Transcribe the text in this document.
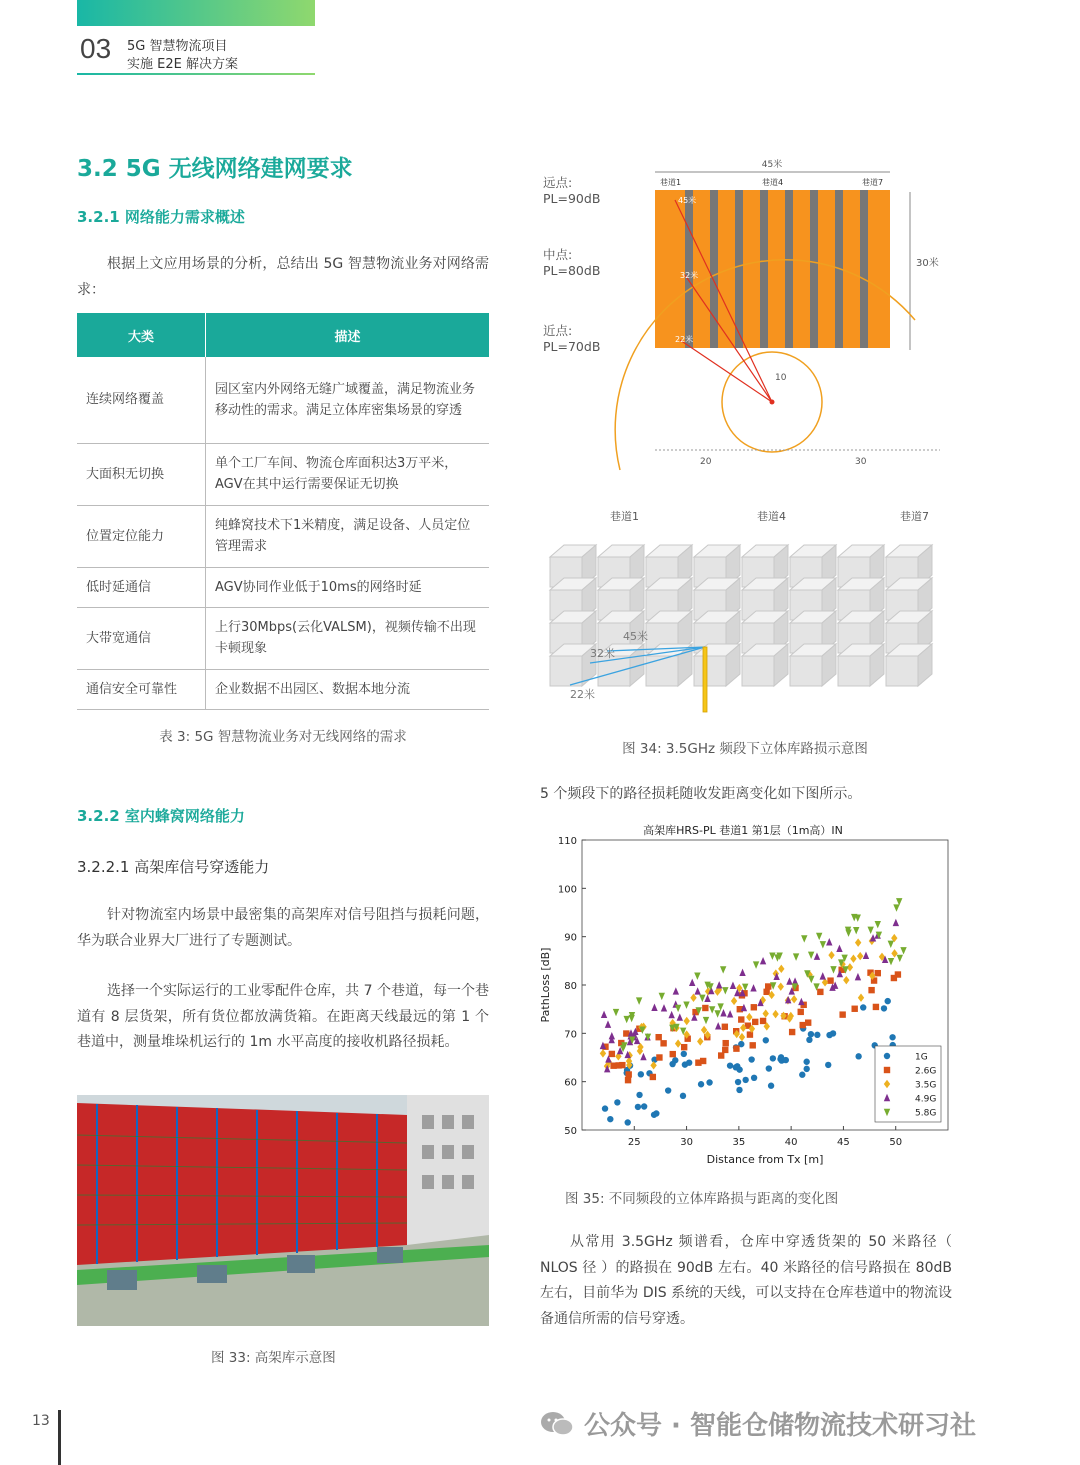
03 5G 智慧物流项目
实施 E2E 解决方案
3.2 5G 无线网络建网要求
3.2.1 网络能力需求概述
根据上文应用场景的分析，总结出 5G 智慧物流业务对网络需求：
大类	描述
连续网络覆盖	园区室内外网络无缝广域覆盖，满足物流业务移动性的需求。满足立体库密集场景的穿透
大面积无切换	单个工厂车间、物流仓库面积达3万平米，AGV在其中运行需要保证无切换
位置定位能力	纯蜂窝技术下1米精度，满足设备、人员定位管理需求
低时延通信	AGV协同作业低于10ms的网络时延
大带宽通信	上行30Mbps(云化VALSM)，视频传输不出现卡顿现象
通信安全可靠性	企业数据不出园区、数据本地分流
表 3: 5G 智慧物流业务对无线网络的需求
3.2.2 室内蜂窝网络能力
3.2.2.1 高架库信号穿透能力
针对物流室内场景中最密集的高架库对信号阻挡与损耗问题，华为联合业界大厂进行了专题测试。
选择一个实际运行的工业零配件仓库，共 7 个巷道，每一个巷道有 8 层货架，所有货位都放满货箱。在距离天线最远的第 1 个巷道中，测量堆垛机运行的 1m 水平高度的接收机路径损耗。
图 33: 高架库示意图
远点:
PL=90dB
中点:
PL=80dB
近点:
PL=70dB
45米
巷道1	巷道4	巷道7
30米
45米
32米
22米
10
20	30
巷道1	巷道4	巷道7
45米
32米
22米
图 34: 3.5GHz 频段下立体库路损示意图
5 个频段下的路径损耗随收发距离变化如下图所示。
高架库HRS-PL 巷道1 第1层（1m高）IN
50
60
70
80
90
100
110
25	30	35	40	45	50
Distance from Tx [m]
PathLoss [dB]
1G
2.6G
3.5G
4.9G
5.8G
图 35: 不同频段的立体库路损与距离的变化图
从常用 3.5GHz 频谱看，仓库中穿透货架的 50 米路径（ NLOS 径 ）的路损在 90dB 左右。40 米路径的信号路损在 80dB 左右，目前华为 DIS 系统的天线，可以支持在仓库巷道中的物流设备通信所需的信号穿透。
13	公众号 · 智能仓储物流技术研习社
